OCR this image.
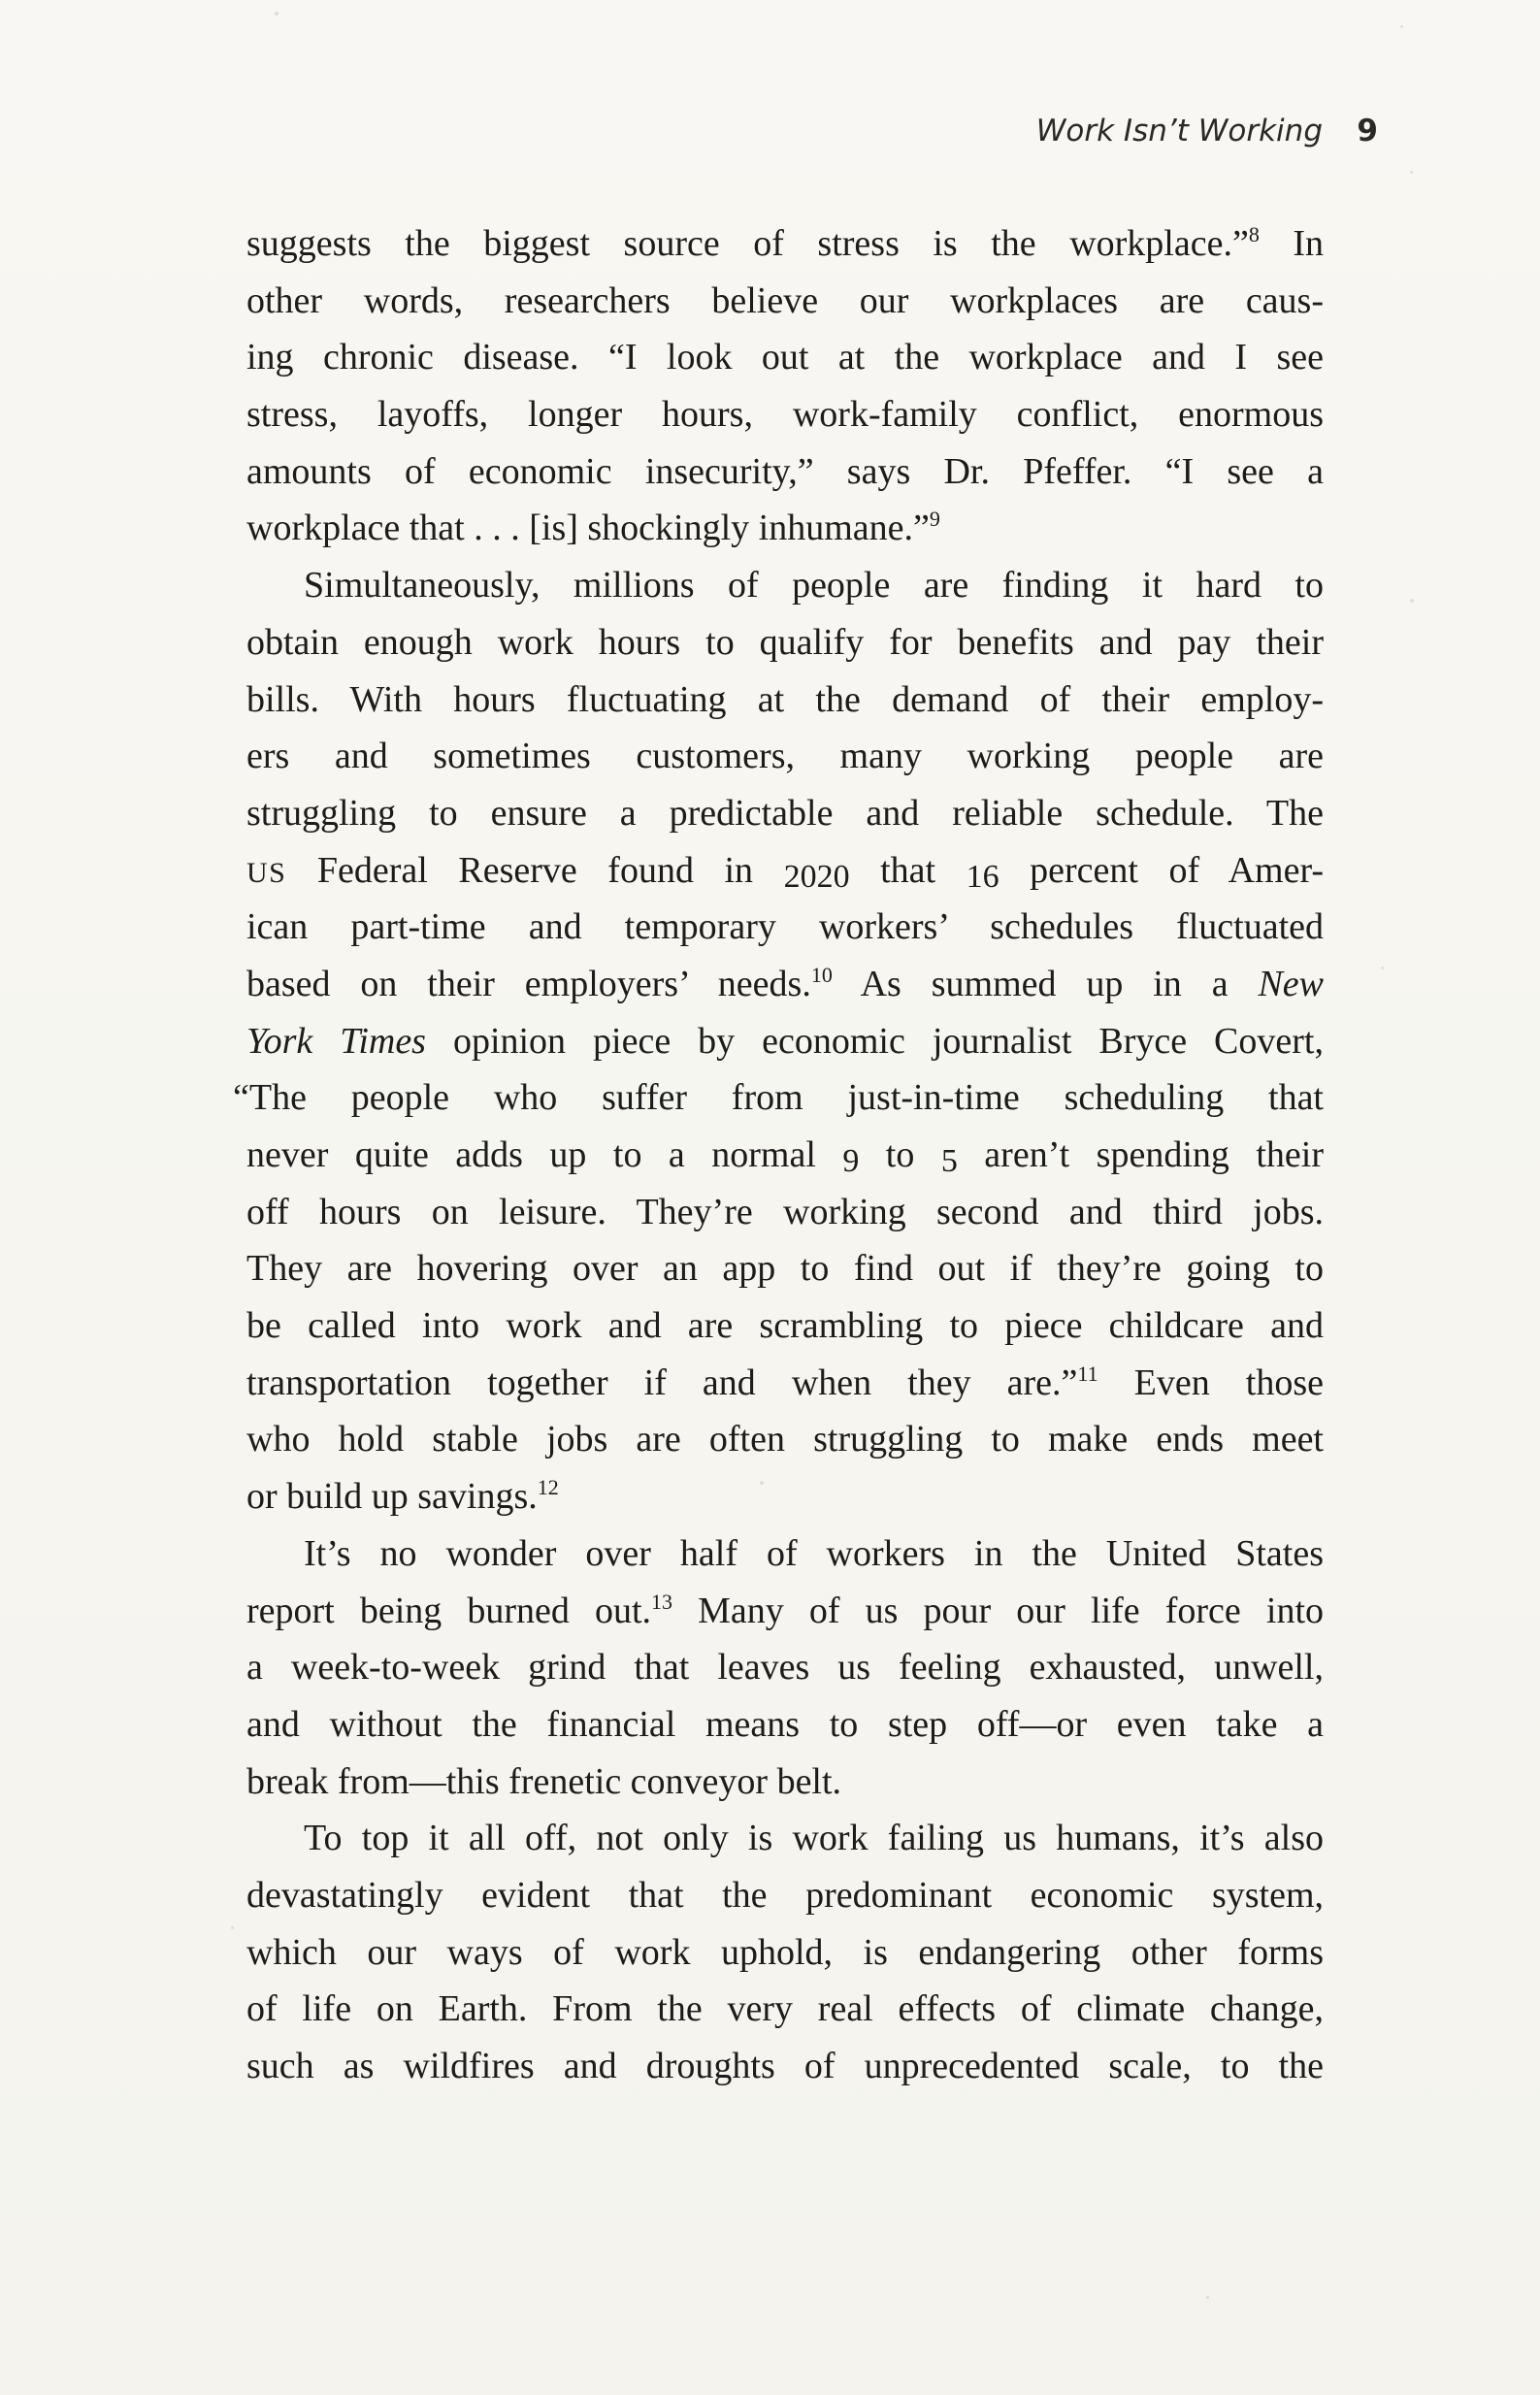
Work Isn’t Working 9
suggests the biggest source of stress is the workplace.”$^8$ In
other words, researchers believe our workplaces are caus-
ing chronic disease. “I look out at the workplace and I see
stress, layoffs, longer hours, work-family conflict, enormous
amounts of economic insecurity,” says Dr. Pfeffer. “I see a
workplace that . . . [is] shockingly inhumane.”$^9$
Simultaneously, millions of people are finding it hard to
obtain enough work hours to qualify for benefits and pay their
bills. With hours fluctuating at the demand of their employ-
ers and sometimes customers, many working people are
struggling to ensure a predictable and reliable schedule. The
US Federal Reserve found in 2020 that 16 percent of Amer-
ican part-time and temporary workers’ schedules fluctuated
based on their employers’ needs.$^{10}$ As summed up in a New
York Times opinion piece by economic journalist Bryce Covert,
“The people who suffer from just-in-time scheduling that
never quite adds up to a normal 9 to 5 aren’t spending their
off hours on leisure. They’re working second and third jobs.
They are hovering over an app to find out if they’re going to
be called into work and are scrambling to piece childcare and
transportation together if and when they are.”$^{11}$ Even those
who hold stable jobs are often struggling to make ends meet
or build up savings.$^{12}$
It’s no wonder over half of workers in the United States
report being burned out.$^{13}$ Many of us pour our life force into
a week-to-week grind that leaves us feeling exhausted, unwell,
and without the financial means to step off—or even take a
break from—this frenetic conveyor belt.
To top it all off, not only is work failing us humans, it’s also
devastatingly evident that the predominant economic system,
which our ways of work uphold, is endangering other forms
of life on Earth. From the very real effects of climate change,
such as wildfires and droughts of unprecedented scale, to the
